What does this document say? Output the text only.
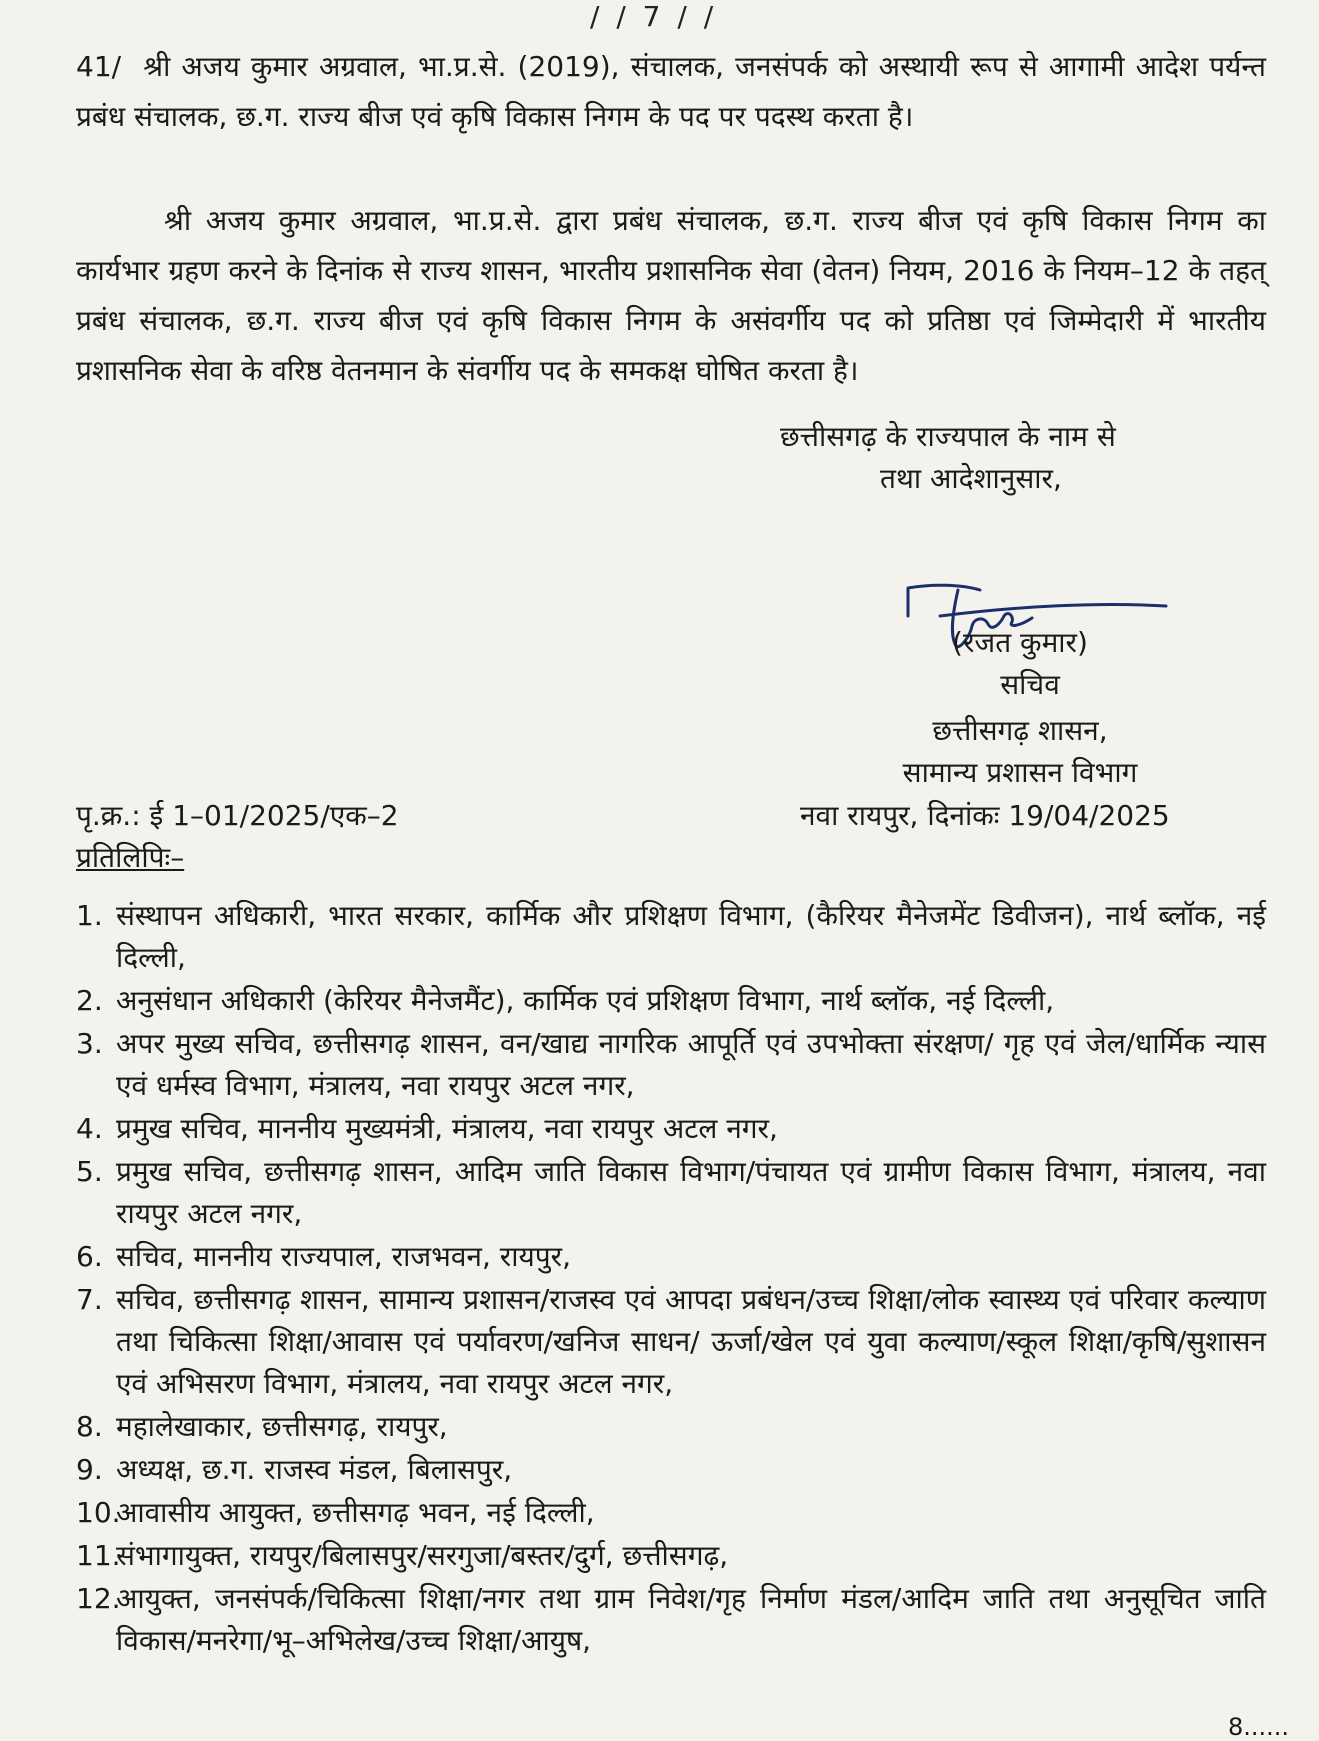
/ / 7 / /
41/ श्री अजय कुमार अग्रवाल, भा.प्र.से. (2019), संचालक, जनसंपर्क को अस्थायी रूप से आगामी आदेश पर्यन्त प्रबंध संचालक, छ.ग. राज्य बीज एवं कृषि विकास निगम के पद पर पदस्थ करता है।
श्री अजय कुमार अग्रवाल, भा.प्र.से. द्वारा प्रबंध संचालक, छ.ग. राज्य बीज एवं कृषि विकास निगम का कार्यभार ग्रहण करने के दिनांक से राज्य शासन, भारतीय प्रशासनिक सेवा (वेतन) नियम, 2016 के नियम–12 के तहत् प्रबंध संचालक, छ.ग. राज्य बीज एवं कृषि विकास निगम के असंवर्गीय पद को प्रतिष्ठा एवं जिम्मेदारी में भारतीय प्रशासनिक सेवा के वरिष्ठ वेतनमान के संवर्गीय पद के समकक्ष घोषित करता है।
छत्तीसगढ़ के राज्यपाल के नाम से
तथा आदेशानुसार,
(रजत कुमार)
सचिव
छत्तीसगढ़ शासन,
सामान्य प्रशासन विभाग
पृ.क्र.: ई 1–01/2025/एक–2	नवा रायपुर, दिनांकः 19/04/2025
प्रतिलिपिः–
1. संस्थापन अधिकारी, भारत सरकार, कार्मिक और प्रशिक्षण विभाग, (कैरियर मैनेजमेंट डिवीजन), नार्थ ब्लॉक, नई दिल्ली,
2. अनुसंधान अधिकारी (केरियर मैनेजमैंट), कार्मिक एवं प्रशिक्षण विभाग, नार्थ ब्लॉक, नई दिल्ली,
3. अपर मुख्य सचिव, छत्तीसगढ़ शासन, वन/खाद्य नागरिक आपूर्ति एवं उपभोक्ता संरक्षण/ गृह एवं जेल/धार्मिक न्यास एवं धर्मस्व विभाग, मंत्रालय, नवा रायपुर अटल नगर,
4. प्रमुख सचिव, माननीय मुख्यमंत्री, मंत्रालय, नवा रायपुर अटल नगर,
5. प्रमुख सचिव, छत्तीसगढ़ शासन, आदिम जाति विकास विभाग/पंचायत एवं ग्रामीण विकास विभाग, मंत्रालय, नवा रायपुर अटल नगर,
6. सचिव, माननीय राज्यपाल, राजभवन, रायपुर,
7. सचिव, छत्तीसगढ़ शासन, सामान्य प्रशासन/राजस्व एवं आपदा प्रबंधन/उच्च शिक्षा/लोक स्वास्थ्य एवं परिवार कल्याण तथा चिकित्सा शिक्षा/आवास एवं पर्यावरण/खनिज साधन/ ऊर्जा/खेल एवं युवा कल्याण/स्कूल शिक्षा/कृषि/सुशासन एवं अभिसरण विभाग, मंत्रालय, नवा रायपुर अटल नगर,
8. महालेखाकार, छत्तीसगढ़, रायपुर,
9. अध्यक्ष, छ.ग. राजस्व मंडल, बिलासपुर,
10.
आवासीय आयुक्त, छत्तीसगढ़ भवन, नई दिल्ली,
11.
संभागायुक्त, रायपुर/बिलासपुर/सरगुजा/बस्तर/दुर्ग, छत्तीसगढ़,
12.
आयुक्त, जनसंपर्क/चिकित्सा शिक्षा/नगर तथा ग्राम निवेश/गृह निर्माण मंडल/आदिम जाति तथा अनुसूचित जाति विकास/मनरेगा/भू–अभिलेख/उच्च शिक्षा/आयुष,
8......
